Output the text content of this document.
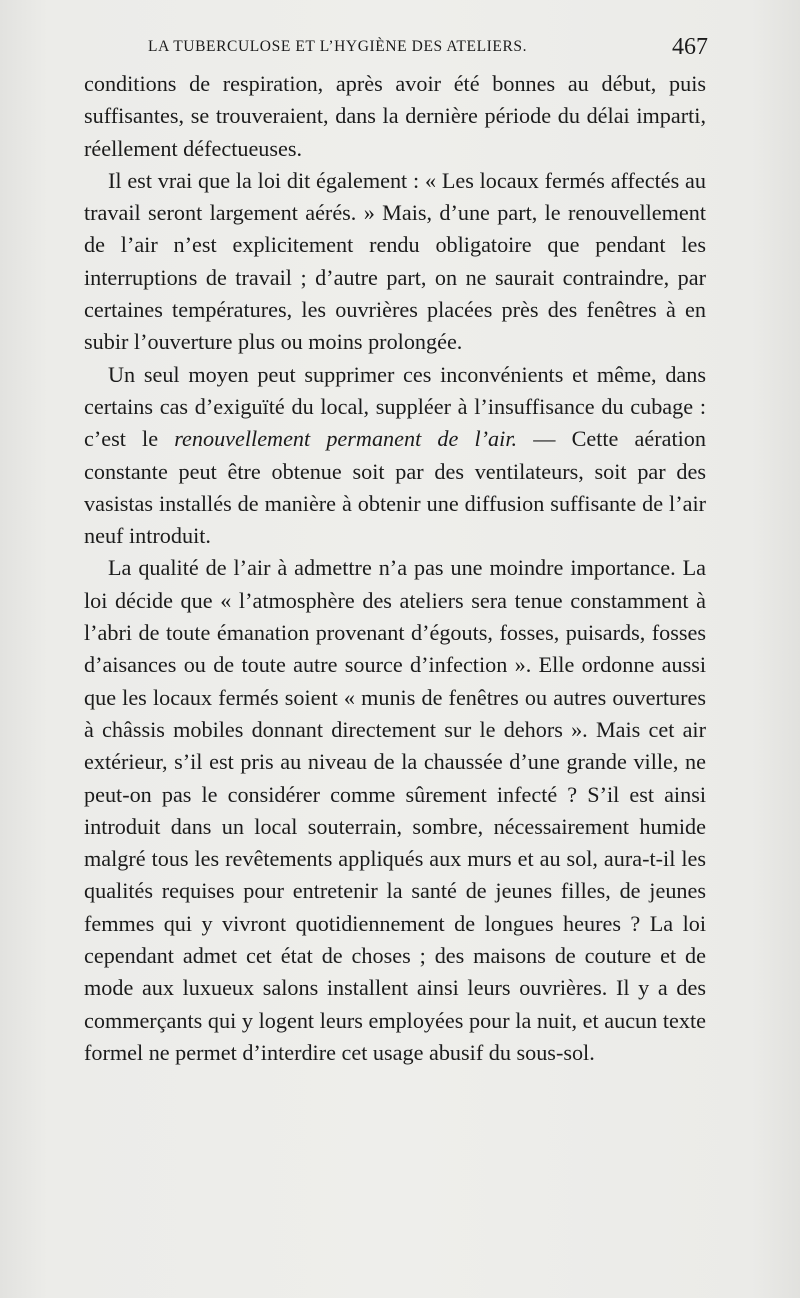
LA TUBERCULOSE ET L’HYGIÈNE DES ATELIERS.	467

conditions de respiration, après avoir été bonnes au début, puis suffisantes, se trouveraient, dans la dernière période du délai imparti, réellement défectueuses.

Il est vrai que la loi dit également : « Les locaux fermés affectés au travail seront largement aérés. » Mais, d’une part, le renouvellement de l’air n’est explicitement rendu obligatoire que pendant les interruptions de travail ; d’autre part, on ne saurait contraindre, par certaines températures, les ouvrières placées près des fenêtres à en subir l’ouverture plus ou moins prolongée.

Un seul moyen peut supprimer ces inconvénients et même, dans certains cas d’exiguïté du local, suppléer à l’insuffisance du cubage : c’est le renouvellement permanent de l’air. — Cette aération constante peut être obtenue soit par des ventilateurs, soit par des vasistas installés de manière à obtenir une diffusion suffisante de l’air neuf introduit.

La qualité de l’air à admettre n’a pas une moindre importance. La loi décide que « l’atmosphère des ateliers sera tenue constamment à l’abri de toute émanation provenant d’égouts, fosses, puisards, fosses d’aisances ou de toute autre source d’infection ». Elle ordonne aussi que les locaux fermés soient « munis de fenêtres ou autres ouvertures à châssis mobiles donnant directement sur le dehors ». Mais cet air extérieur, s’il est pris au niveau de la chaussée d’une grande ville, ne peut-on pas le considérer comme sûrement infecté ? S’il est ainsi introduit dans un local souterrain, sombre, nécessairement humide malgré tous les revêtements appliqués aux murs et au sol, aura-t-il les qualités requises pour entretenir la santé de jeunes filles, de jeunes femmes qui y vivront quotidiennement de longues heures ? La loi cependant admet cet état de choses ; des maisons de couture et de mode aux luxueux salons installent ainsi leurs ouvrières. Il y a des commerçants qui y logent leurs employées pour la nuit, et aucun texte formel ne permet d’interdire cet usage abusif du sous-sol.
